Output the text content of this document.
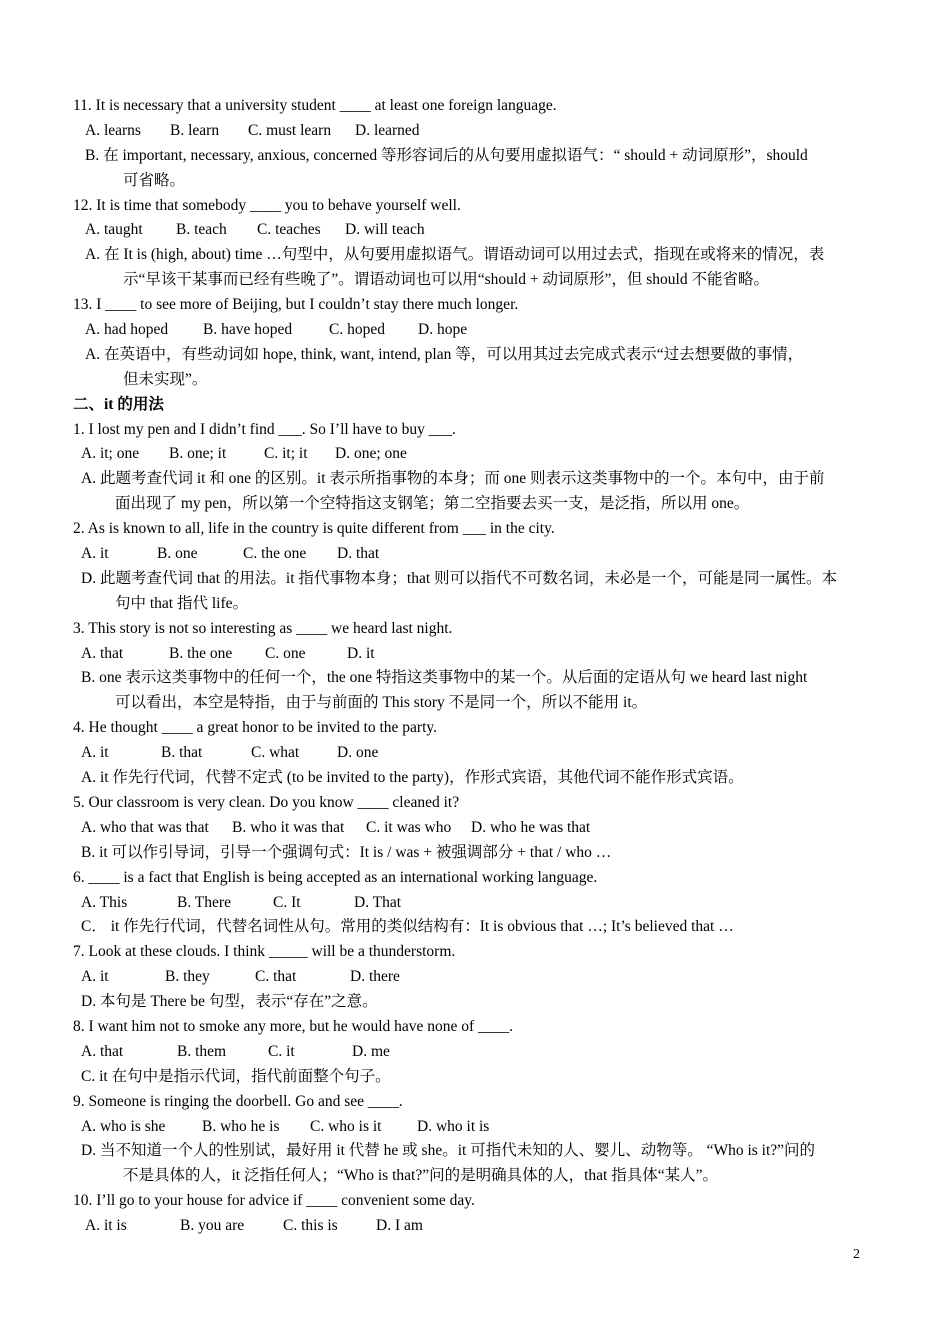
11. It is necessary that a university student ____ at least one foreign language.
A. learns B. learn C. must learn D. learned
B. 在 important, necessary, anxious, concerned 等形容词后的从句要用虚拟语气：“ should + 动词原形”，should
可省略。
12. It is time that somebody ____ you to behave yourself well.
A. taught B. teach C. teaches D. will teach
A. 在 It is (high, about) time …句型中，从句要用虚拟语气。谓语动词可以用过去式，指现在或将来的情况，表
示“早该干某事而已经有些晚了”。谓语动词也可以用“should + 动词原形”，但 should 不能省略。
13. I ____ to see more of Beijing, but I couldn’t stay there much longer.
A. had hoped B. have hoped C. hoped D. hope
A. 在英语中，有些动词如 hope, think, want, intend, plan 等，可以用其过去完成式表示“过去想要做的事情，
但未实现”。
二、it 的用法
1. I lost my pen and I didn’t find ___. So I’ll have to buy ___.
A. it; one B. one; it C. it; it D. one; one
A. 此题考查代词 it 和 one 的区别。it 表示所指事物的本身；而 one 则表示这类事物中的一个。本句中，由于前
面出现了 my pen，所以第一个空特指这支钢笔；第二空指要去买一支，是泛指，所以用 one。
2. As is known to all, life in the country is quite different from ___ in the city.
A. it	B. one	C. the one D. that
D. 此题考查代词 that 的用法。it 指代事物本身；that 则可以指代不可数名词，未必是一个，可能是同一属性。本
句中 that 指代 life。
3. This story is not so interesting as ____ we heard last night.
A. that	B. the one C. one	D. it
B. one 表示这类事物中的任何一个，the one 特指这类事物中的某一个。从后面的定语从句 we heard last night
可以看出，本空是特指，由于与前面的 This story 不是同一个，所以不能用 it。
4. He thought ____ a great honor to be invited to the party.
A. it	B. that	C. what D. one
A. it 作先行代词，代替不定式 (to be invited to the party)，作形式宾语，其他代词不能作形式宾语。
5. Our classroom is very clean. Do you know ____ cleaned it?
A. who that was that B. who it was that C. it was who D. who he was that
B. it 可以作引导词，引导一个强调句式：It is / was + 被强调部分 + that / who …
6. ____ is a fact that English is being accepted as an international working language.
A. This	B. There	C. It	D. That
C． it 作先行代词，代替名词性从句。常用的类似结构有：It is obvious that …; It’s believed that …
7. Look at these clouds. I think _____ will be a thunderstorm.
A. it	B. they	C. that	D. there
D. 本句是 There be 句型，表示“存在”之意。
8. I want him not to smoke any more, but he would have none of ____.
A. that	B. them	C. it	D. me
C. it 在句中是指示代词，指代前面整个句子。
9. Someone is ringing the doorbell. Go and see ____.
A. who is she B. who he is C. who is it D. who it is
D. 当不知道一个人的性别试，最好用 it 代替 he 或 she。it 可指代未知的人、婴儿、动物等。 “Who is it?”问的
不是具体的人，it 泛指任何人；“Who is that?”问的是明确具体的人，that 指具体“某人”。
10. I’ll go to your house for advice if ____ convenient some day.
A. it is	B. you are	C. this is D. I am
2
